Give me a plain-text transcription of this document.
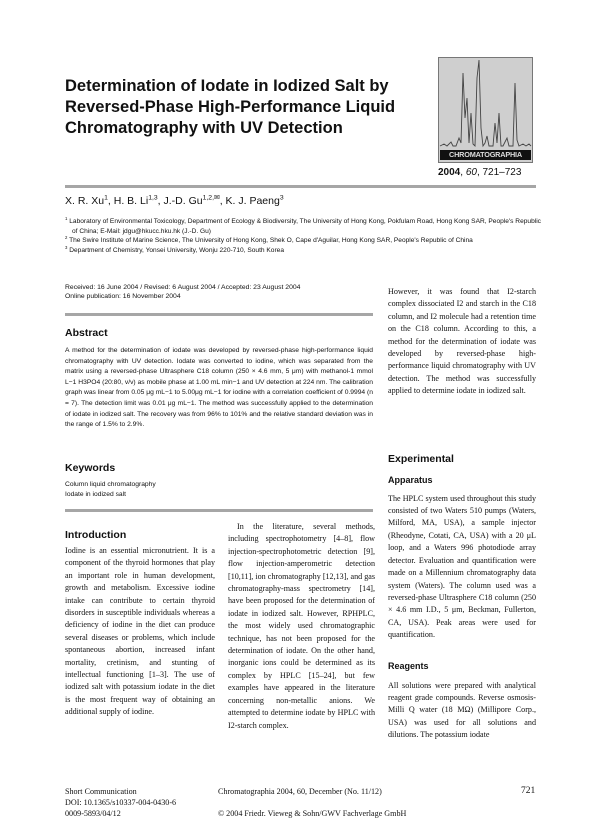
Determination of Iodate in Iodized Salt by Reversed-Phase High-Performance Liquid Chromatography with UV Detection
CHROMATOGRAPHIA
2004, 60, 721–723
X. R. Xu$^1$, H. B. Li$^{1,3}$, J.-D. $Gu^{1,2,✉}$, K. J. Paeng$^3$
$^1$ Laboratory of Environmental Toxicology, Department of Ecology & Biodiversity, The University of Hong Kong, Pokfulam Road, Hong Kong SAR, People's Republic of China; E-Mail: jdgu@hkucc.hku.hk (J.-D. Gu)
$^2$ The Swire Institute of Marine Science, The University of Hong Kong, Shek O, Cape d'Aguilar, Hong Kong SAR, People's Republic of China
$^3$ Department of Chemistry, Yonsei University, Wonju 220-710, South Korea
Received: 16 June 2004 / Revised: 6 August 2004 / Accepted: 23 August 2004
Online publication: 16 November 2004
Abstract
A method for the determination of iodate was developed by reversed-phase high-performance liquid chromatography with UV detection. Iodate was converted to iodine, which was separated from the matrix using a reversed-phase Ultrasphere C18 column (250 × 4.6 mm, 5 μm) with methanol-1 mmol L−1 H3PO4 (20:80, v/v) as mobile phase at 1.00 mL min−1 and UV detection at 224 nm. The calibration graph was linear from 0.05 μg mL−1 to 5.00μg mL−1 for iodine with a correlation coefficient of 0.9994 (n = 7). The detection limit was 0.01 μg mL−1. The method was successfully applied to the determination of iodate in iodized salt. The recovery was from 96% to 101% and the relative standard deviation was in the range of 1.5% to 2.9%.
Keywords
Column liquid chromatography
Iodate in iodized salt
Introduction
Iodine is an essential micronutrient. It is a component of the thyroid hormones that play an important role in human development, growth and metabolism. Excessive iodine intake can contribute to certain thyroid disorders in susceptible individuals whereas a deficiency of iodine in the diet can produce several diseases or problems, which include spontaneous abortion, increased infant mortality, cretinism, and stunting of intellectual functioning [1–3]. The use of iodized salt with potassium iodate in the diet is the most frequent way of obtaining an additional supply of iodine.
In the literature, several methods, including spectrophotometry [4–8], flow injection-spectrophotometric detection [9], flow injection-amperometric detection [10,11], ion chromatography [12,13], and gas chromatography-mass spectrometry [14], have been proposed for the determination of iodate in iodized salt. However, RPHPLC, the most widely used chromatographic technique, has not been proposed for the determination of iodate. On the other hand, inorganic ions could be determined as its complex by HPLC [15–24], but few examples have appeared in the literature concerning non-metallic anions. We attempted to determine iodate by HPLC with I2-starch complex.
However, it was found that I2-starch complex dissociated I2 and starch in the C18 column, and I2 molecule had a retention time on the C18 column. According to this, a method for the determination of iodate was developed by reversed-phase high-performance liquid chromatography with UV detection. The method was successfully applied to determine iodate in iodized salt.
Experimental
Apparatus
The HPLC system used throughout this study consisted of two Waters 510 pumps (Waters, Milford, MA, USA), a sample injector (Rheodyne, Cotati, CA, USA) with a 20 μL loop, and a Waters 996 photodiode array detector. Evaluation and quantification were made on a Millennium chromatography data system (Waters). The column used was a reversed-phase Ultrasphere C18 column (250 × 4.6 mm I.D., 5 μm, Beckman, Fullerton, CA, USA). Peak areas were used for quantification.
Reagents
All solutions were prepared with analytical reagent grade compounds. Reverse osmosis-Milli Q water (18 MΩ) (Millipore Corp., USA) was used for all solutions and dilutions. The potassium iodate
Short Communication
DOI: 10.1365/s10337-004-0430-6
0009-5893/04/12
Chromatographia 2004, 60, December (No. 11/12)
© 2004 Friedr. Vieweg & Sohn/GWV Fachverlage GmbH
721
